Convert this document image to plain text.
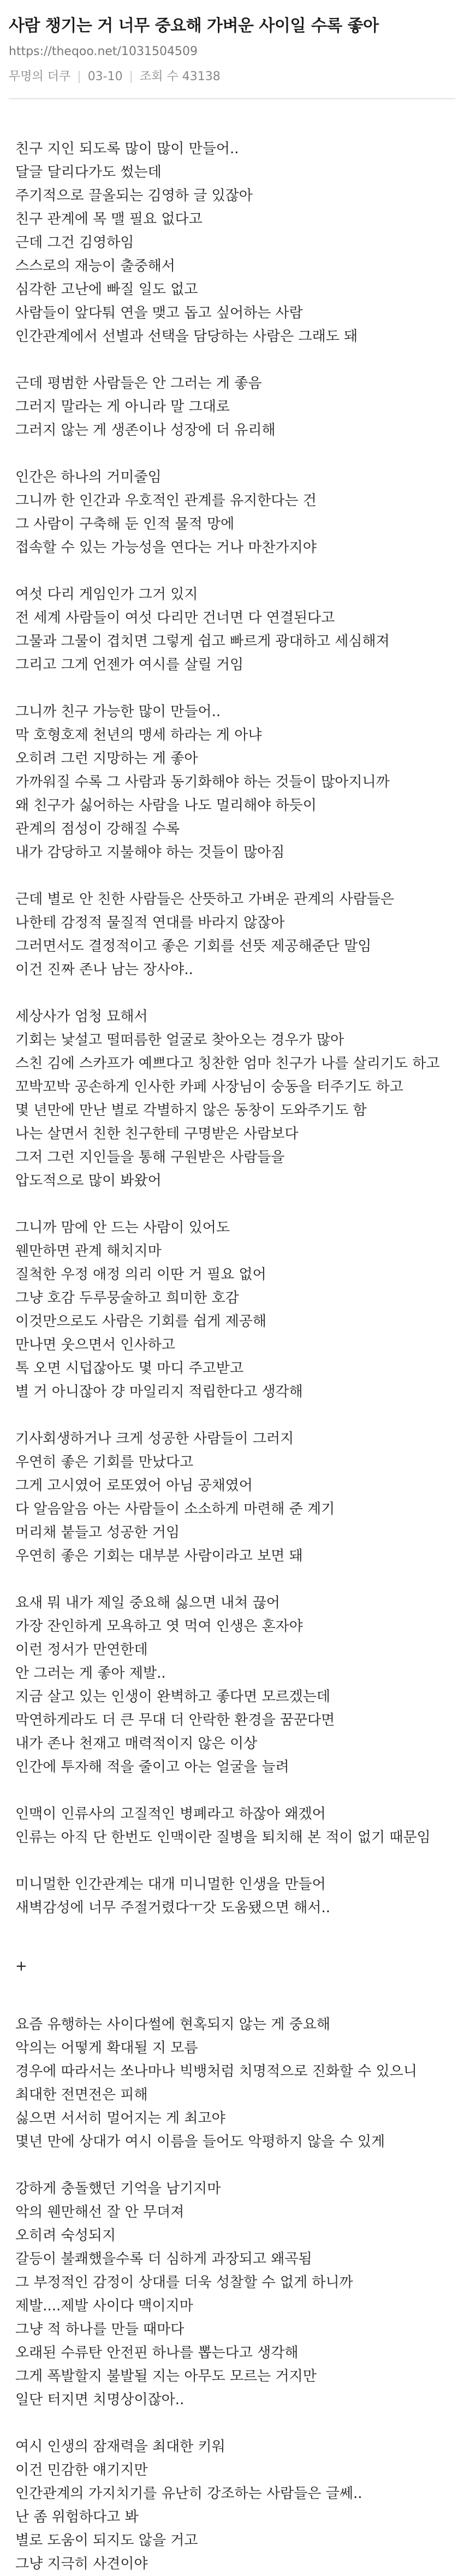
사람 챙기는 거 너무 중요해 가벼운 사이일 수록 좋아
https://theqoo.net/1031504509
무명의 더쿠 | 03-10 | 조회 수 43138

친구 지인 되도록 많이 많이 만들어..

달글 달리다가도 썼는데

주기적으로 끌올되는 김영하 글 있잖아

친구 관계에 목 맬 필요 없다고

근데 그건 김영하임

스스로의 재능이 출중해서

심각한 고난에 빠질 일도 없고

사람들이 앞다퉈 연을 맺고 돕고 싶어하는 사람

인간관계에서 선별과 선택을 담당하는 사람은 그래도 돼

근데 평범한 사람들은 안 그러는 게 좋음

그러지 말라는 게 아니라 말 그대로

그러지 않는 게 생존이나 성장에 더 유리해

인간은 하나의 거미줄임

그니까 한 인간과 우호적인 관계를 유지한다는 건

그 사람이 구축해 둔 인적 물적 망에

접속할 수 있는 가능성을 연다는 거나 마찬가지야

여섯 다리 게임인가 그거 있지

전 세계 사람들이 여섯 다리만 건너면 다 연결된다고

그물과 그물이 겹치면 그렇게 쉽고 빠르게 광대하고 세심해져

그리고 그게 언젠가 여시를 살릴 거임

그니까 친구 가능한 많이 만들어..

막 호형호제 천년의 맹세 하라는 게 아냐

오히려 그런 지망하는 게 좋아

가까워질 수록 그 사람과 동기화해야 하는 것들이 많아지니까

왜 친구가 싫어하는 사람을 나도 멀리해야 하듯이

관계의 점성이 강해질 수록

내가 감당하고 지불해야 하는 것들이 많아짐

근데 별로 안 친한 사람들은 산뜻하고 가벼운 관계의 사람들은

나한테 감정적 물질적 연대를 바라지 않잖아

그러면서도 결정적이고 좋은 기회를 선뜻 제공해준단 말임

이건 진짜 존나 남는 장사야..

세상사가 엄청 묘해서

기회는 낯설고 떨떠름한 얼굴로 찾아오는 경우가 많아

스친 김에 스카프가 예쁘다고 칭찬한 엄마 친구가 나를 살리기도 하고

꼬박꼬박 공손하게 인사한 카페 사장님이 숭동을 터주기도 하고

몇 년만에 만난 별로 각별하지 않은 동창이 도와주기도 함

나는 살면서 친한 친구한테 구명받은 사람보다

그저 그런 지인들을 통해 구원받은 사람들을

압도적으로 많이 봐왔어

그니까 맘에 안 드는 사람이 있어도

웬만하면 관계 해치지마

질척한 우정 애정 의리 이딴 거 필요 없어

그냥 호감 두루뭉술하고 희미한 호감

이것만으로도 사람은 기회를 쉽게 제공해

만나면 웃으면서 인사하고

톡 오면 시덥잖아도 몇 마디 주고받고

별 거 아니잖아 걍 마일리지 적립한다고 생각해

기사회생하거나 크게 성공한 사람들이 그러지

우연히 좋은 기회를 만났다고

그게 고시였어 로또였어 아님 공채였어

다 알음알음 아는 사람들이 소소하게 마련해 준 계기

머리채 붙들고 성공한 거임

우연히 좋은 기회는 대부분 사람이라고 보면 돼

요새 뭐 내가 제일 중요해 싫으면 내쳐 끊어

가장 잔인하게 모욕하고 엿 먹여 인생은 혼자야

이런 정서가 만연한데

안 그러는 게 좋아 제발..

지금 살고 있는 인생이 완벽하고 좋다면 모르겠는데

막연하게라도 더 큰 무대 더 안락한 환경을 꿈꾼다면

내가 존나 천재고 매력적이지 않은 이상

인간에 투자해 적을 줄이고 아는 얼굴을 늘려

인맥이 인류사의 고질적인 병폐라고 하잖아 왜겠어

인류는 아직 단 한번도 인맥이란 질병을 퇴치해 본 적이 없기 때문임

미니멀한 인간관계는 대개 미니멀한 인생을 만들어

새벽감성에 너무 주절거렸다ㅜ갓 도움됐으면 해서..

+

요즘 유행하는 사이다썰에 현혹되지 않는 게 중요해

악의는 어떻게 확대될 지 모름

경우에 따라서는 쏘나마나 빅뱅처럼 치명적으로 진화할 수 있으니

최대한 전면전은 피해

싫으면 서서히 멀어지는 게 최고야

몇년 만에 상대가 여시 이름을 들어도 악평하지 않을 수 있게

강하게 충돌했던 기억을 남기지마

악의 웬만해선 잘 안 무뎌져

오히려 숙성되지

갈등이 불쾌했을수록 더 심하게 과장되고 왜곡됨

그 부정적인 감정이 상대를 더욱 성찰할 수 없게 하니까

제발....제발 사이다 맥이지마

그냥 적 하나를 만들 때마다

오래된 수류탄 안전핀 하나를 뽑는다고 생각해

그게 폭발할지 불발될 지는 아무도 모르는 거지만

일단 터지면 치명상이잖아..

여시 인생의 잠재력을 최대한 키워

이건 민감한 얘기지만

인간관계의 가지치기를 유난히 강조하는 사람들은 글쎄..

난 좀 위험하다고 봐

별로 도움이 되지도 않을 거고

그냥 지극히 사견이야
